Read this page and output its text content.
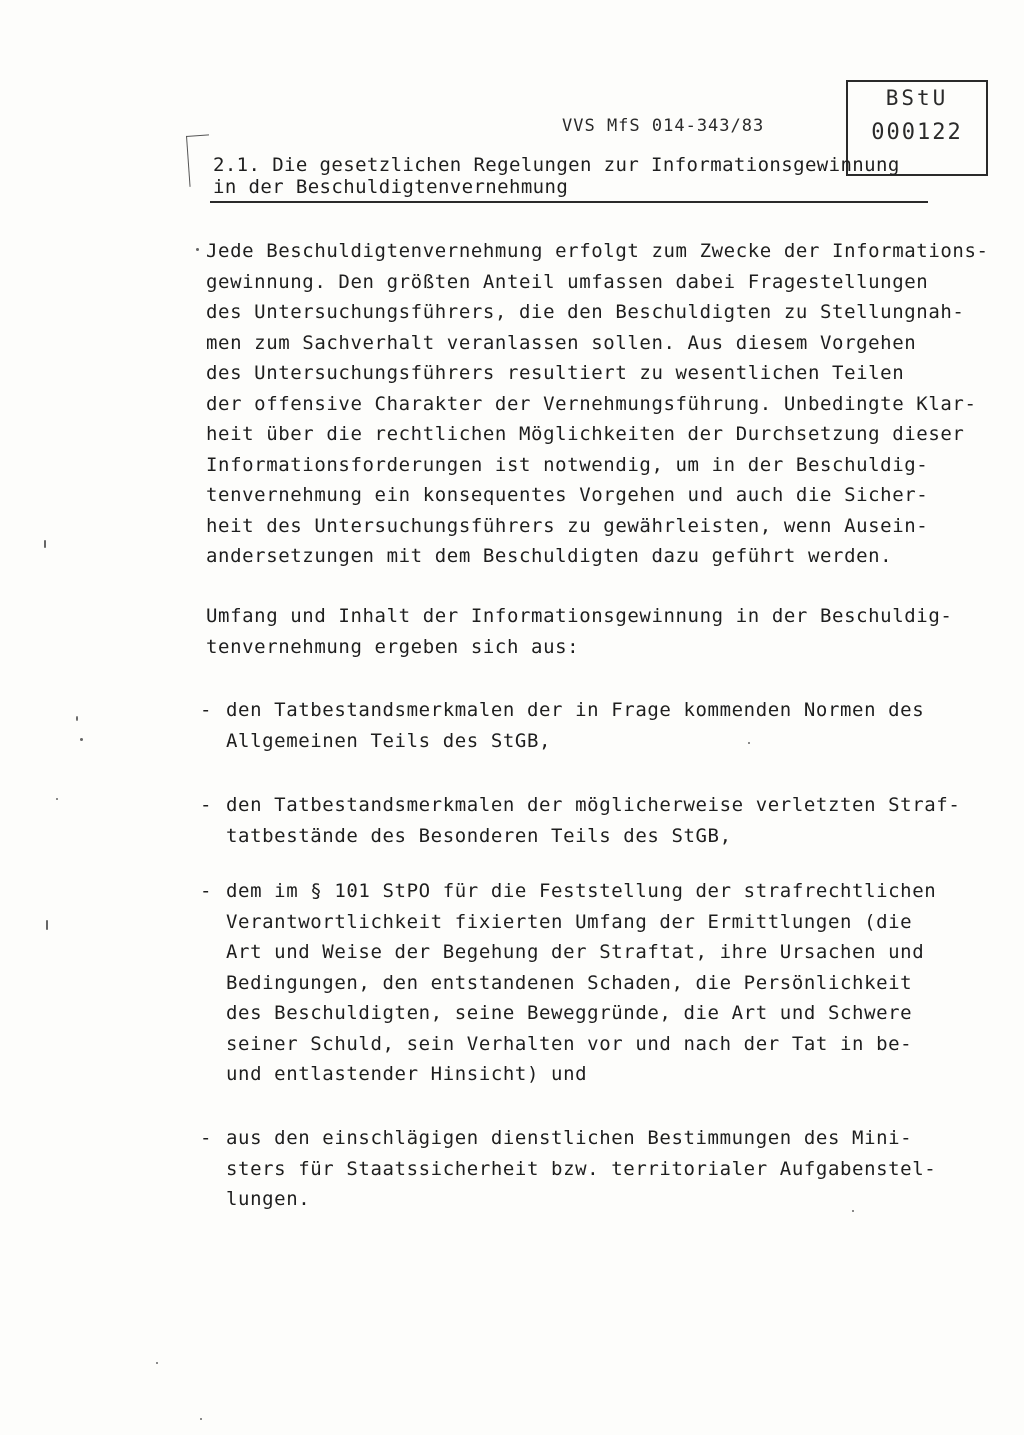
VVS MfS 014-343/83
BStU
000122
2.1. Die gesetzlichen Regelungen zur Informationsgewinnung
in der Beschuldigtenvernehmung
Jede Beschuldigtenvernehmung erfolgt zum Zwecke der Informations-
gewinnung. Den größten Anteil umfassen dabei Fragestellungen
des Untersuchungsführers, die den Beschuldigten zu Stellungnah-
men zum Sachverhalt veranlassen sollen. Aus diesem Vorgehen
des Untersuchungsführers resultiert zu wesentlichen Teilen
der offensive Charakter der Vernehmungsführung. Unbedingte Klar-
heit über die rechtlichen Möglichkeiten der Durchsetzung dieser
Informationsforderungen ist notwendig, um in der Beschuldig-
tenvernehmung ein konsequentes Vorgehen und auch die Sicher-
heit des Untersuchungsführers zu gewährleisten, wenn Ausein-
andersetzungen mit dem Beschuldigten dazu geführt werden.
Umfang und Inhalt der Informationsgewinnung in der Beschuldig-
tenvernehmung ergeben sich aus:
- den Tatbestandsmerkmalen der in Frage kommenden Normen des
Allgemeinen Teils des StGB,
- den Tatbestandsmerkmalen der möglicherweise verletzten Straf-
tatbestände des Besonderen Teils des StGB,
- dem im § 101 StPO für die Feststellung der strafrechtlichen
Verantwortlichkeit fixierten Umfang der Ermittlungen (die
Art und Weise der Begehung der Straftat, ihre Ursachen und
Bedingungen, den entstandenen Schaden, die Persönlichkeit
des Beschuldigten, seine Beweggründe, die Art und Schwere
seiner Schuld, sein Verhalten vor und nach der Tat in be-
und entlastender Hinsicht) und
- aus den einschlägigen dienstlichen Bestimmungen des Mini-
sters für Staatssicherheit bzw. territorialer Aufgabenstel-
lungen.
